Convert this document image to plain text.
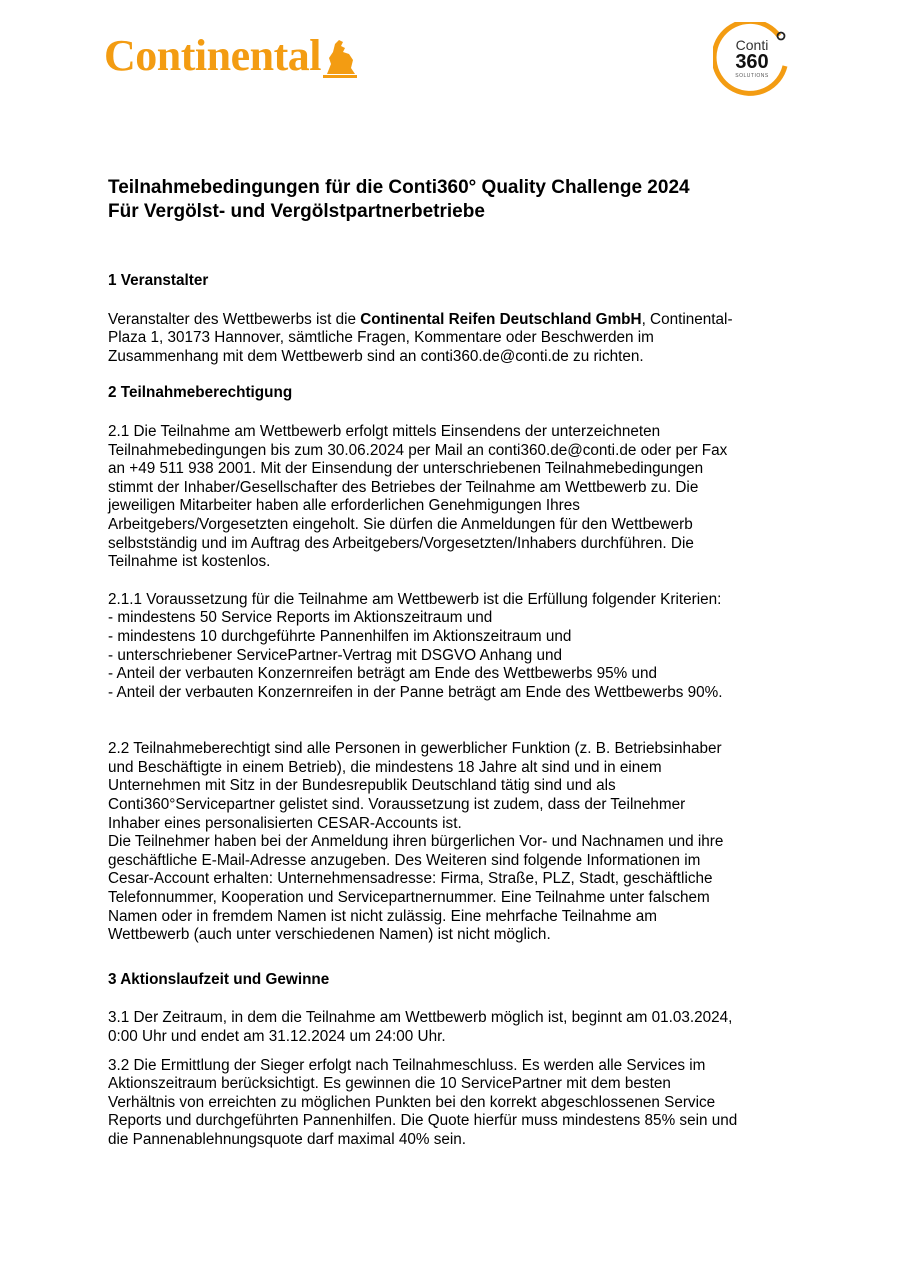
Continental	Conti
360
SOLUTIONS
Teilnahmebedingungen für die Conti360° Quality Challenge 2024
Für Vergölst- und Vergölstpartnerbetriebe
1 Veranstalter
Veranstalter des Wettbewerbs ist die Continental Reifen Deutschland GmbH, Continental-
Plaza 1, 30173 Hannover, sämtliche Fragen, Kommentare oder Beschwerden im
Zusammenhang mit dem Wettbewerb sind an conti360.de@conti.de zu richten.
2 Teilnahmeberechtigung
2.1 Die Teilnahme am Wettbewerb erfolgt mittels Einsendens der unterzeichneten
Teilnahmebedingungen bis zum 30.06.2024 per Mail an conti360.de@conti.de oder per Fax
an +49 511 938 2001. Mit der Einsendung der unterschriebenen Teilnahmebedingungen
stimmt der Inhaber/Gesellschafter des Betriebes der Teilnahme am Wettbewerb zu. Die
jeweiligen Mitarbeiter haben alle erforderlichen Genehmigungen Ihres
Arbeitgebers/Vorgesetzten eingeholt. Sie dürfen die Anmeldungen für den Wettbewerb
selbstständig und im Auftrag des Arbeitgebers/Vorgesetzten/Inhabers durchführen. Die
Teilnahme ist kostenlos.
2.1.1 Voraussetzung für die Teilnahme am Wettbewerb ist die Erfüllung folgender Kriterien:
- mindestens 50 Service Reports im Aktionszeitraum und
- mindestens 10 durchgeführte Pannenhilfen im Aktionszeitraum und
- unterschriebener ServicePartner-Vertrag mit DSGVO Anhang und
- Anteil der verbauten Konzernreifen beträgt am Ende des Wettbewerbs 95% und
- Anteil der verbauten Konzernreifen in der Panne beträgt am Ende des Wettbewerbs 90%.
2.2 Teilnahmeberechtigt sind alle Personen in gewerblicher Funktion (z. B. Betriebsinhaber
und Beschäftigte in einem Betrieb), die mindestens 18 Jahre alt sind und in einem
Unternehmen mit Sitz in der Bundesrepublik Deutschland tätig sind und als
Conti360°Servicepartner gelistet sind. Voraussetzung ist zudem, dass der Teilnehmer
Inhaber eines personalisierten CESAR-Accounts ist.
Die Teilnehmer haben bei der Anmeldung ihren bürgerlichen Vor- und Nachnamen und ihre
geschäftliche E-Mail-Adresse anzugeben. Des Weiteren sind folgende Informationen im
Cesar-Account erhalten: Unternehmensadresse: Firma, Straße, PLZ, Stadt, geschäftliche
Telefonnummer, Kooperation und Servicepartnernummer. Eine Teilnahme unter falschem
Namen oder in fremdem Namen ist nicht zulässig. Eine mehrfache Teilnahme am
Wettbewerb (auch unter verschiedenen Namen) ist nicht möglich.
3 Aktionslaufzeit und Gewinne
3.1 Der Zeitraum, in dem die Teilnahme am Wettbewerb möglich ist, beginnt am 01.03.2024,
0:00 Uhr und endet am 31.12.2024 um 24:00 Uhr.
3.2 Die Ermittlung der Sieger erfolgt nach Teilnahmeschluss. Es werden alle Services im
Aktionszeitraum berücksichtigt. Es gewinnen die 10 ServicePartner mit dem besten
Verhältnis von erreichten zu möglichen Punkten bei den korrekt abgeschlossenen Service
Reports und durchgeführten Pannenhilfen. Die Quote hierfür muss mindestens 85% sein und
die Pannenablehnungsquote darf maximal 40% sein.
